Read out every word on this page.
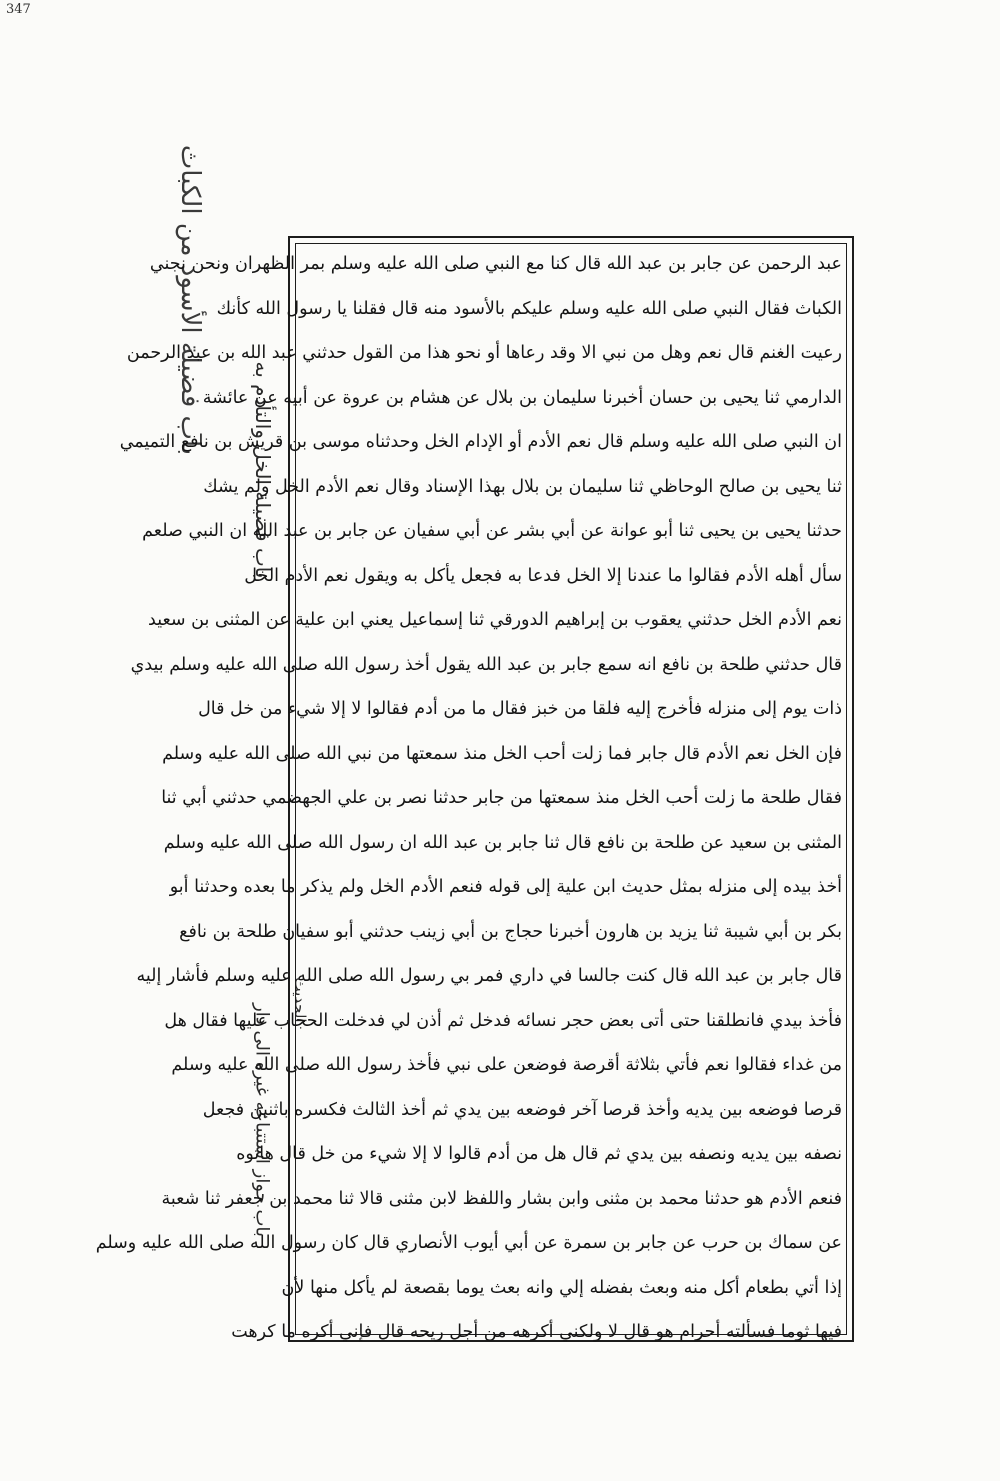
347
باب فضيلة الأسود من الكباث
باب فضيلة الخل والتأدم به
باب جواز استتباعه غيره الى دار
الحديث
عبد الرحمن عن جابر بن عبد الله قال كنا مع النبي صلى الله عليه وسلم بمر الظهران ونحن نجني
الكباث فقال النبي صلى الله عليه وسلم عليكم بالأسود منه قال فقلنا يا رسول الله كأنك
رعيت الغنم قال نعم وهل من نبي الا وقد رعاها أو نحو هذا من القول حدثني عبد الله بن عبد الرحمن
الدارمي ثنا يحيى بن حسان أخبرنا سليمان بن بلال عن هشام بن عروة عن أبيه عن عائشة
ان النبي صلى الله عليه وسلم قال نعم الأدم أو الإدام الخل وحدثناه موسى بن قريش بن نافع التميمي
ثنا يحيى بن صالح الوحاظي ثنا سليمان بن بلال بهذا الإسناد وقال نعم الأدم الخل ولم يشك
حدثنا يحيى بن يحيى ثنا أبو عوانة عن أبي بشر عن أبي سفيان عن جابر بن عبد الله ان النبي صلعم
سأل أهله الأدم فقالوا ما عندنا إلا الخل فدعا به فجعل يأكل به ويقول نعم الأدم الخل
نعم الأدم الخل حدثني يعقوب بن إبراهيم الدورقي ثنا إسماعيل يعني ابن علية عن المثنى بن سعيد
قال حدثني طلحة بن نافع انه سمع جابر بن عبد الله يقول أخذ رسول الله صلى الله عليه وسلم بيدي
ذات يوم إلى منزله فأخرج إليه فلقا من خبز فقال ما من أدم فقالوا لا إلا شيء من خل قال
فإن الخل نعم الأدم قال جابر فما زلت أحب الخل منذ سمعتها من نبي الله صلى الله عليه وسلم
فقال طلحة ما زلت أحب الخل منذ سمعتها من جابر حدثنا نصر بن علي الجهضمي حدثني أبي ثنا
المثنى بن سعيد عن طلحة بن نافع قال ثنا جابر بن عبد الله ان رسول الله صلى الله عليه وسلم
أخذ بيده إلى منزله بمثل حديث ابن علية إلى قوله فنعم الأدم الخل ولم يذكر ما بعده وحدثنا أبو
بكر بن أبي شيبة ثنا يزيد بن هارون أخبرنا حجاج بن أبي زينب حدثني أبو سفيان طلحة بن نافع
قال جابر بن عبد الله قال كنت جالسا في داري فمر بي رسول الله صلى الله عليه وسلم فأشار إليه
فأخذ بيدي فانطلقنا حتى أتى بعض حجر نسائه فدخل ثم أذن لي فدخلت الحجاب عليها فقال هل
من غداء فقالوا نعم فأتي بثلاثة أقرصة فوضعن على نبي فأخذ رسول الله صلى الله عليه وسلم
قرصا فوضعه بين يديه وأخذ قرصا آخر فوضعه بين يدي ثم أخذ الثالث فكسره باثنين فجعل
نصفه بين يديه ونصفه بين يدي ثم قال هل من أدم قالوا لا إلا شيء من خل قال هاتوه
فنعم الأدم هو حدثنا محمد بن مثنى وابن بشار واللفظ لابن مثنى قالا ثنا محمد بن جعفر ثنا شعبة
عن سماك بن حرب عن جابر بن سمرة عن أبي أيوب الأنصاري قال كان رسول الله صلى الله عليه وسلم
إذا أتي بطعام أكل منه وبعث بفضله إلي وانه بعث يوما بقصعة لم يأكل منها لأن
فيها ثوما فسألته أحرام هو قال لا ولكني أكرهه من أجل ريحه قال فإني أكره ما كرهت
